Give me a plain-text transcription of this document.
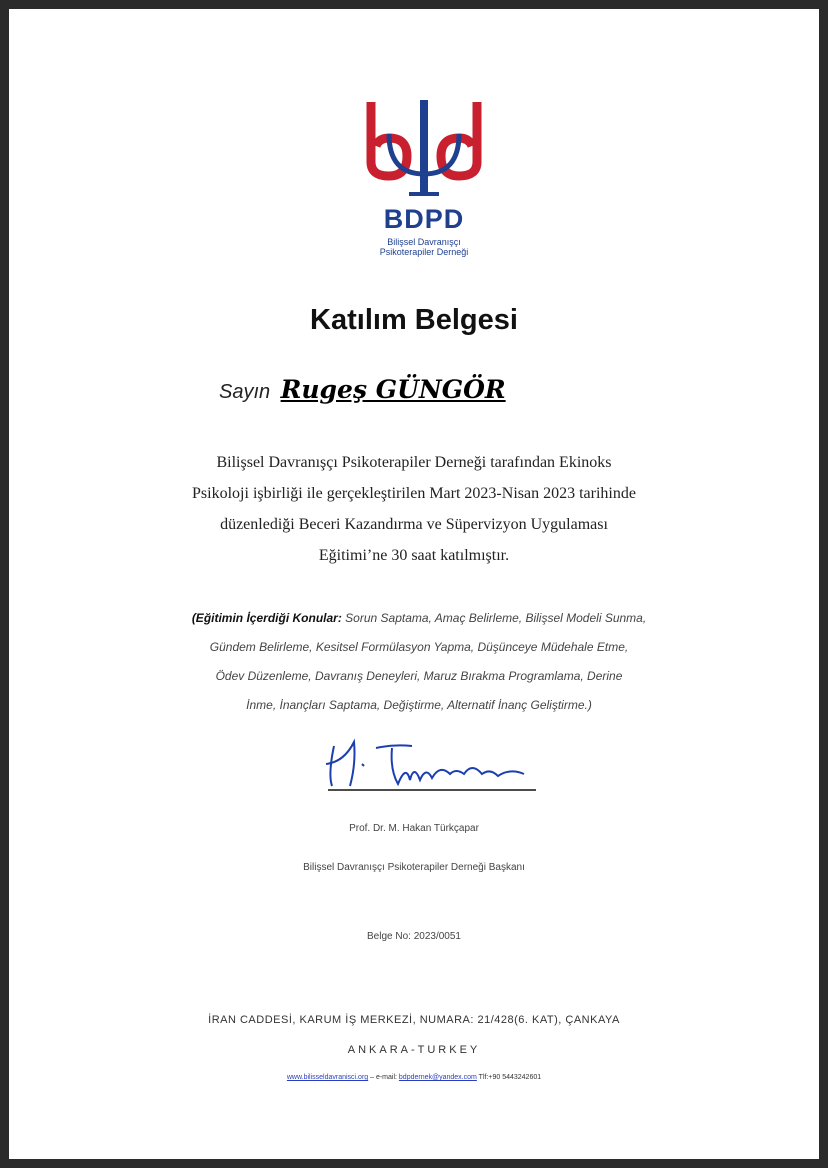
BDPD
Bilişsel Davranışçı
Psikoterapiler Derneği
Katılım Belgesi
Sayın Rugeş GÜNGÖR
Bilişsel Davranışçı Psikoterapiler Derneği tarafından Ekinoks
Psikoloji işbirliği ile gerçekleştirilen Mart 2023-Nisan 2023 tarihinde
düzenlediği Beceri Kazandırma ve Süpervizyon Uygulaması
Eğitimi’ne 30 saat katılmıştır.
(Eğitimin İçerdiği Konular: Sorun Saptama, Amaç Belirleme, Bilişsel Modeli Sunma,
Gündem Belirleme, Kesitsel Formülasyon Yapma, Düşünceye Müdehale Etme,
Ödev Düzenleme, Davranış Deneyleri, Maruz Bırakma Programlama, Derine
İnme, İnançları Saptama, Değiştirme, Alternatif İnanç Geliştirme.)
Prof. Dr. M. Hakan Türkçapar
Bilişsel Davranışçı Psikoterapiler Derneği Başkanı
Belge No: 2023/0051
İRAN CADDESİ, KARUM İŞ MERKEZİ, NUMARA: 21/428(6. KAT), ÇANKAYA
ANKARA-TURKEY
www.bilisseldavranisci.org – e-mail: bdpdernek@yandex.com Tlf:+90 5443242601
